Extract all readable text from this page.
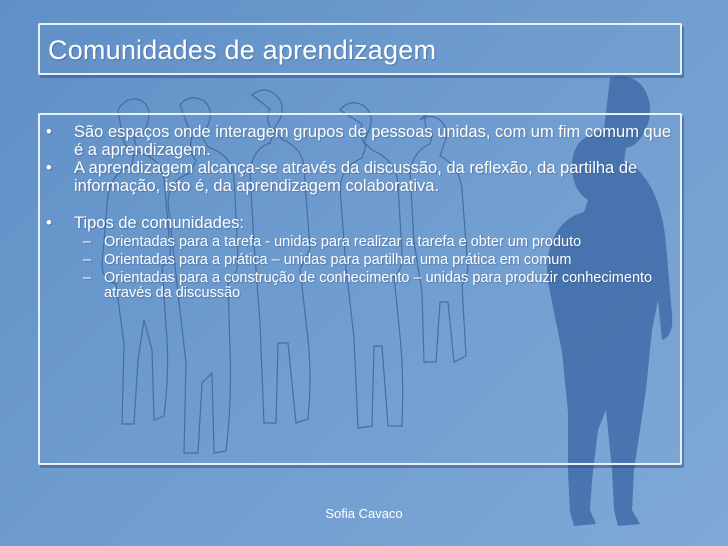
Comunidades de aprendizagem
• São espaços onde interagem grupos de pessoas unidas, com um fim comum que é a aprendizagem.
• A aprendizagem alcança-se através da discussão, da reflexão, da partilha de informação, isto é, da aprendizagem colaborativa.
• Tipos de comunidades:
– Orientadas para a tarefa - unidas para realizar a tarefa e obter um produto
– Orientadas para a prática – unidas para partilhar uma prática em comum
– Orientadas para a construção de conhecimento – unidas para produzir conhecimento através da discussão
Sofia Cavaco
